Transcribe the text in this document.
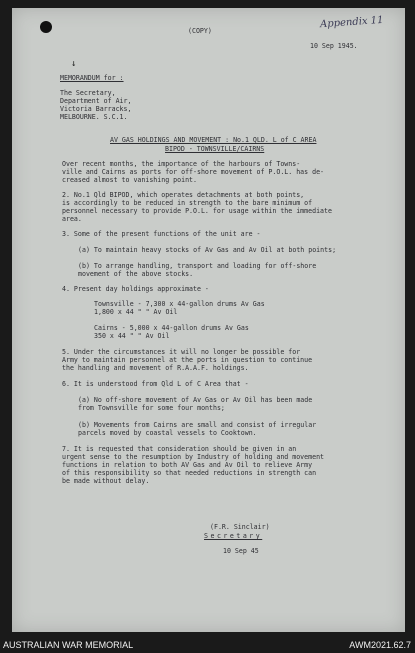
Appendix 11
↓
(COPY)
10 Sep 1945.
MEMORANDUM for :
The Secretary,
Department of Air,
Victoria Barracks,
MELBOURNE. S.C.1.
AV GAS HOLDINGS AND MOVEMENT : No.1 QLD. L of C AREA
BIPOD - TOWNSVILLE/CAIRNS
Over recent months, the importance of the harbours of Towns-
ville and Cairns as ports for off-shore movement of P.O.L. has de-
creased almost to vanishing point.
2. No.1 Qld BIPOD, which operates detachments at both points,
is accordingly to be reduced in strength to the bare minimum of
personnel necessary to provide P.O.L. for usage within the immediate
area.
3. Some of the present functions of the unit are -
(a) To maintain heavy stocks of Av Gas and Av Oil at both points;
(b) To arrange handling, transport and loading for off-shore
movement of the above stocks.
4. Present day holdings approximate -
Townsville - 7,300 x 44-gallon drums Av Gas
1,800 x 44 " " Av Oil
Cairns - 5,000 x 44-gallon drums Av Gas
350 x 44 " " Av Oil
5. Under the circumstances it will no longer be possible for
Army to maintain personnel at the ports in question to continue
the handling and movement of R.A.A.F. holdings.
6. It is understood from Qld L of C Area that -
(a) No off-shore movement of Av Gas or Av Oil has been made
from Townsville for some four months;
(b) Movements from Cairns are small and consist of irregular
parcels moved by coastal vessels to Cooktown.
7. It is requested that consideration should be given in an
urgent sense to the resumption by Industry of holding and movement
functions in relation to both AV Gas and Av Oil to relieve Army
of this responsibility so that needed reductions in strength can
be made without delay.
(F.R. Sinclair)
Secretary
10 Sep 45
AUSTRALIAN WAR MEMORIAL	AWM2021.62.7
